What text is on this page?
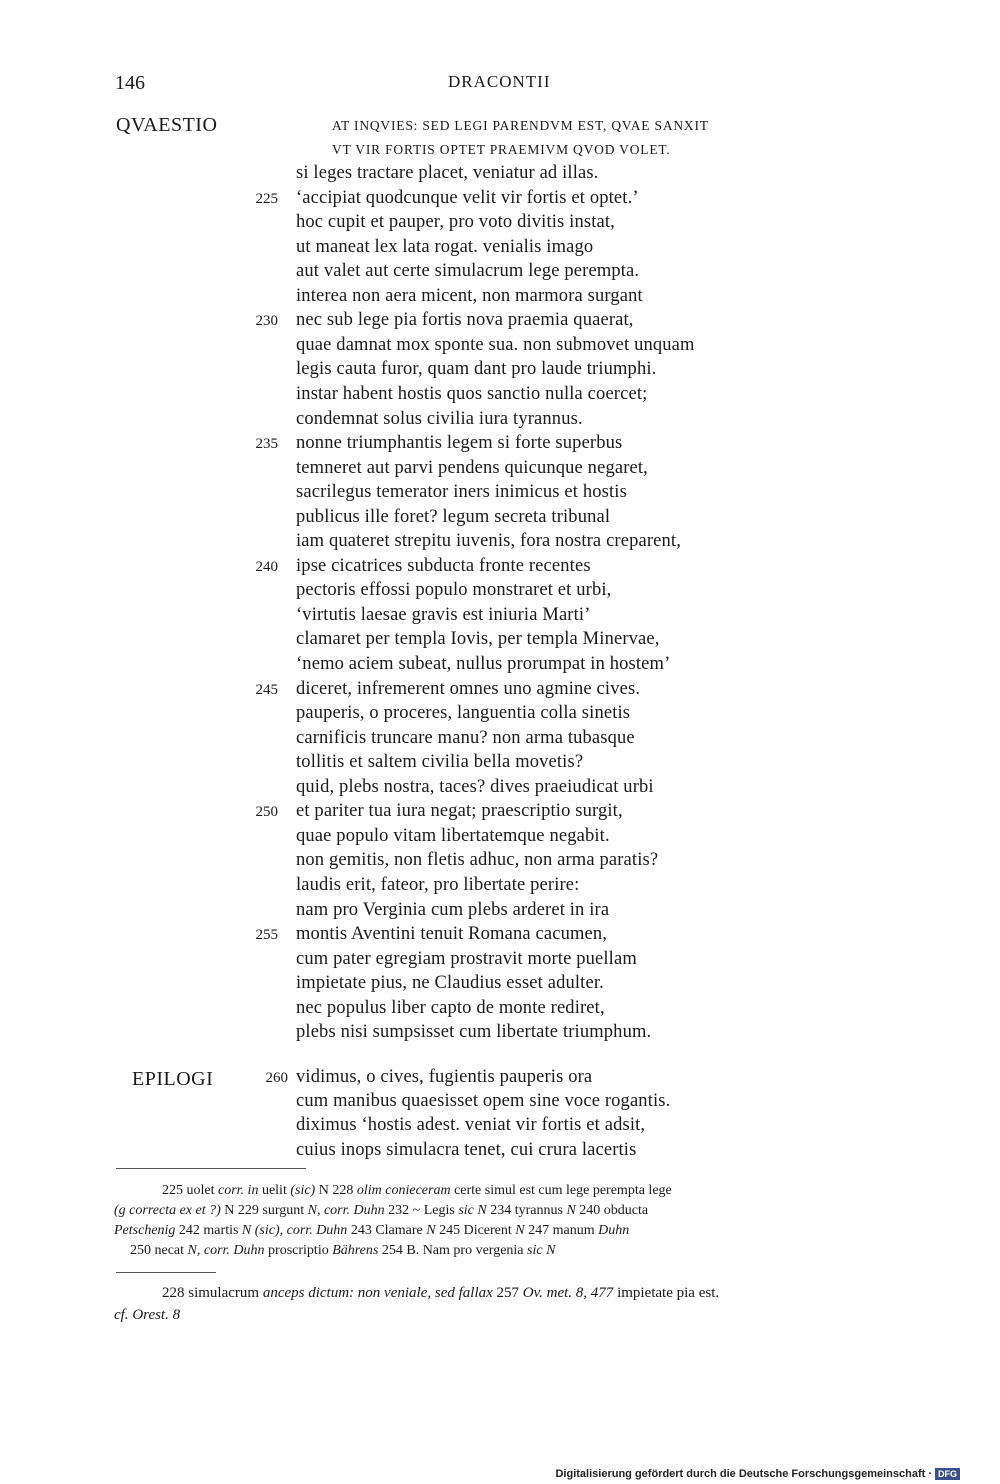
146	DRACONTII
QVAESTIO
EPILOGI
AT INQVIES: SED LEGI PARENDVM EST, QVAE SANXIT
VT VIR FORTIS OPTET PRAEMIVM QVOD VOLET.
si leges tractare placet, veniatur ad illas.
225 ‘accipiat quodcunque velit vir fortis et optet.’
hoc cupit et pauper, pro voto divitis instat,
ut maneat lex lata rogat. venialis imago
aut valet aut certe simulacrum lege perempta.
interea non aera micent, non marmora surgant
230 nec sub lege pia fortis nova praemia quaerat,
quae damnat mox sponte sua. non submovet unquam
legis cauta furor, quam dant pro laude triumphi.
instar habent hostis quos sanctio nulla coercet;
condemnat solus civilia iura tyrannus.
235 nonne triumphantis legem si forte superbus
temneret aut parvi pendens quicunque negaret,
sacrilegus temerator iners inimicus et hostis
publicus ille foret? legum secreta tribunal
iam quateret strepitu iuvenis, fora nostra creparent,
240 ipse cicatrices subducta fronte recentes
pectoris effossi populo monstraret et urbi,
‘virtutis laesae gravis est iniuria Marti’
clamaret per templa Iovis, per templa Minervae,
‘nemo aciem subeat, nullus prorumpat in hostem’
245 diceret, infremerent omnes uno agmine cives.
pauperis, o proceres, languentia colla sinetis
carnificis truncare manu? non arma tubasque
tollitis et saltem civilia bella movetis?
quid, plebs nostra, taces? dives praeiudicat urbi
250 et pariter tua iura negat; praescriptio surgit,
quae populo vitam libertatemque negabit.
non gemitis, non fletis adhuc, non arma paratis?
laudis erit, fateor, pro libertate perire:
nam pro Verginia cum plebs arderet in ira
255 montis Aventini tenuit Romana cacumen,
cum pater egregiam prostravit morte puellam
impietate pius, ne Claudius esset adulter.
nec populus liber capto de monte rediret,
plebs nisi sumpsisset cum libertate triumphum.
260 vidimus, o cives, fugientis pauperis ora
cum manibus quaesisset opem sine voce rogantis.
diximus ‘hostis adest. veniat vir fortis et adsit,
cuius inops simulacra tenet, cui crura lacertis
225 uolet corr. in uelit (sic) N 228 olim conieceram certe simul est cum lege perempta lege
(g correcta ex et ?) N 229 surgunt N, corr. Duhn 232 ~ Legis sic N 234 tyrannus N 240 obducta
Petschenig 242 martis N (sic), corr. Duhn 243 Clamare N 245 Dicerent N 247 manum Duhn
250 necat N, corr. Duhn proscriptio Bährens 254 B. Nam pro vergenia sic N
228 simulacrum anceps dictum: non veniale, sed fallax 257 Ov. met. 8, 477 impietate pia est.
cf. Orest. 8
Digitalisierung gefördert durch die Deutsche Forschungsgemeinschaft · DFG
